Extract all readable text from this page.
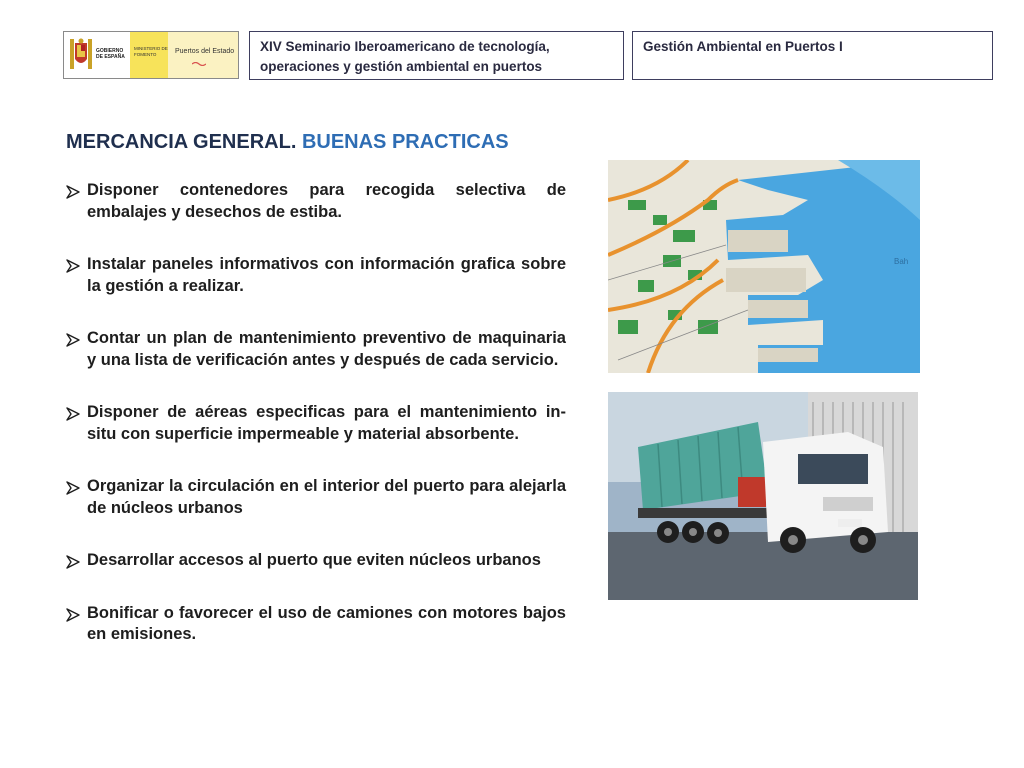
GOBIERNO DE ESPAÑA
MINISTERIO DE FOMENTO	Puertos del Estado	XIV Seminario Iberoamericano de tecnología, operaciones y gestión ambiental en puertos
Gestión Ambiental en Puertos I
MERCANCIA GENERAL. BUENAS PRACTICAS
Disponer contenedores para recogida selectiva de embalajes y desechos de estiba.
Instalar paneles informativos con información grafica sobre la gestión a realizar.
Contar un plan de mantenimiento preventivo de maquinaria y una lista de verificación antes y después de cada servicio.
Disponer de aéreas especificas para el mantenimiento in-situ con superficie impermeable y material absorbente.
Organizar la circulación en el interior del puerto para alejarla de núcleos urbanos
Desarrollar accesos al puerto que eviten núcleos urbanos
Bonificar o favorecer el uso de camiones con motores bajos en emisiones.
Bah
